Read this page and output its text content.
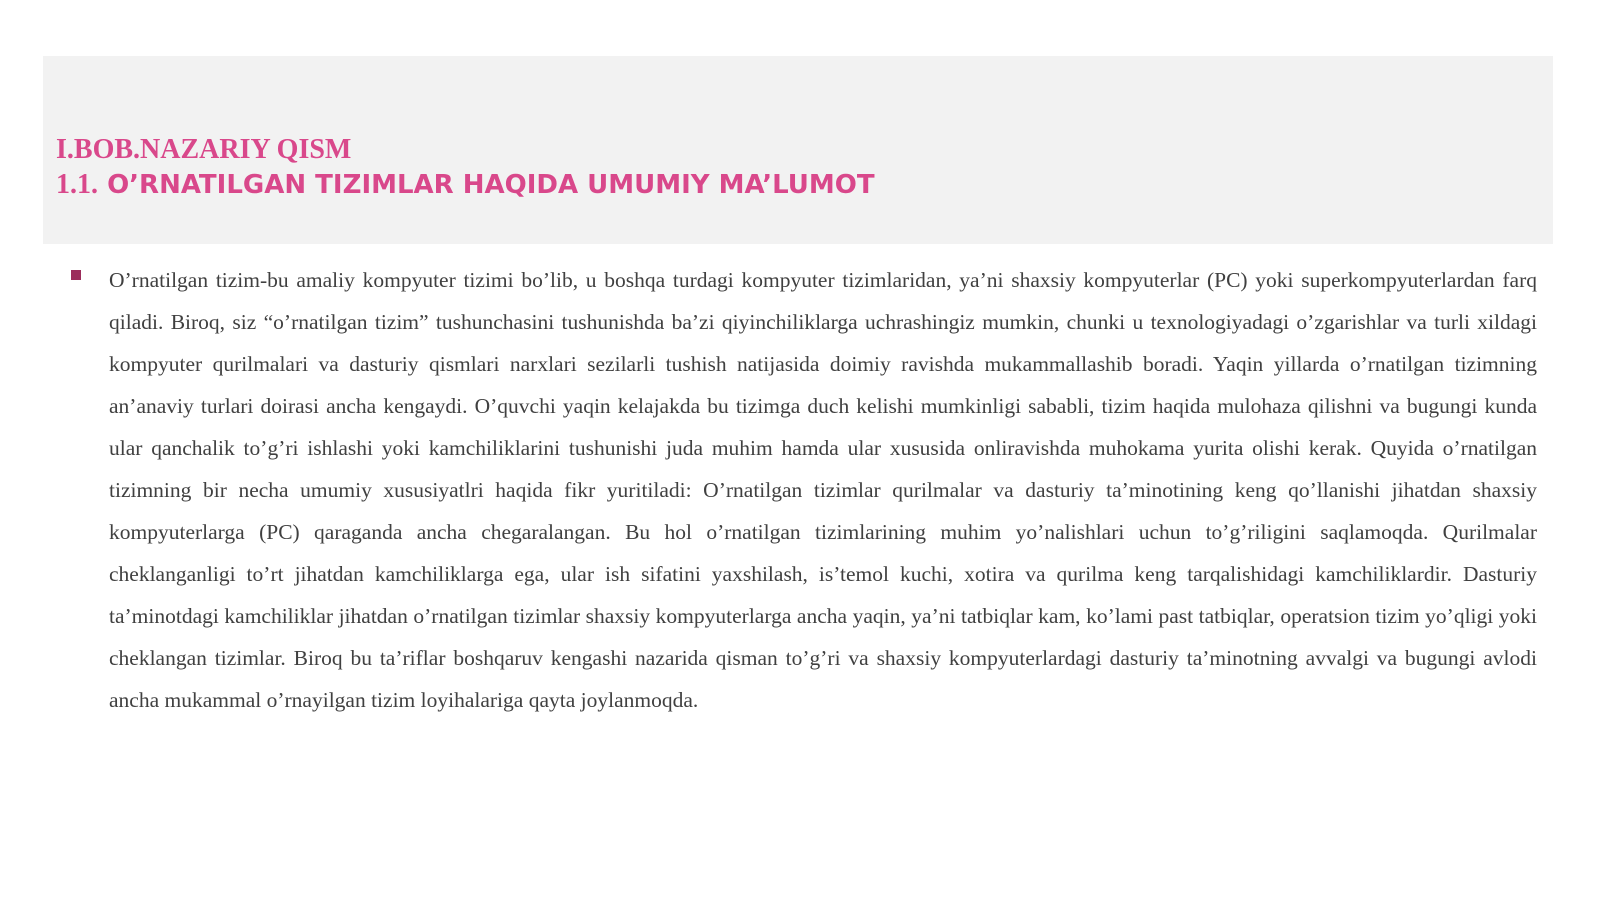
I.BOB.NAZARIY QISM
1.1. O’RNATILGAN TIZIMLAR HAQIDA UMUMIY MA’LUMOT

O’rnatilgan tizim-bu amaliy kompyuter tizimi bo’lib, u boshqa turdagi kompyuter tizimlaridan, ya’ni shaxsiy kompyuterlar (PC) yoki superkompyuterlardan farq qiladi. Biroq, siz “o’rnatilgan tizim” tushunchasini tushunishda ba’zi qiyinchiliklarga uchrashingiz mumkin, chunki u texnologiyadagi o’zgarishlar va turli xildagi kompyuter qurilmalari va dasturiy qismlari narxlari sezilarli tushish natijasida doimiy ravishda mukammallashib boradi. Yaqin yillarda o’rnatilgan tizimning an’anaviy turlari doirasi ancha kengaydi. O’quvchi yaqin kelajakda bu tizimga duch kelishi mumkinligi sababli, tizim haqida mulohaza qilishni va bugungi kunda ular qanchalik to’g’ri ishlashi yoki kamchiliklarini tushunishi juda muhim hamda ular xususida onliravishda muhokama yurita olishi kerak. Quyida o’rnatilgan tizimning bir necha umumiy xususiyatlri haqida fikr yuritiladi: O’rnatilgan tizimlar qurilmalar va dasturiy ta’minotining keng qo’llanishi jihatdan shaxsiy kompyuterlarga (PC) qaraganda ancha chegaralangan. Bu hol o’rnatilgan tizimlarining muhim yo’nalishlari uchun to’g’riligini saqlamoqda. Qurilmalar cheklanganligi to’rt jihatdan kamchiliklarga ega, ular ish sifatini yaxshilash, is’temol kuchi, xotira va qurilma keng tarqalishidagi kamchiliklardir. Dasturiy ta’minotdagi kamchiliklar jihatdan o’rnatilgan tizimlar shaxsiy kompyuterlarga ancha yaqin, ya’ni tatbiqlar kam, ko’lami past tatbiqlar, operatsion tizim yo’qligi yoki cheklangan tizimlar. Biroq bu ta’riflar boshqaruv kengashi nazarida qisman to’g’ri va shaxsiy kompyuterlardagi dasturiy ta’minotning avvalgi va bugungi avlodi ancha mukammal o’rnayilgan tizim loyihalariga qayta joylanmoqda.
